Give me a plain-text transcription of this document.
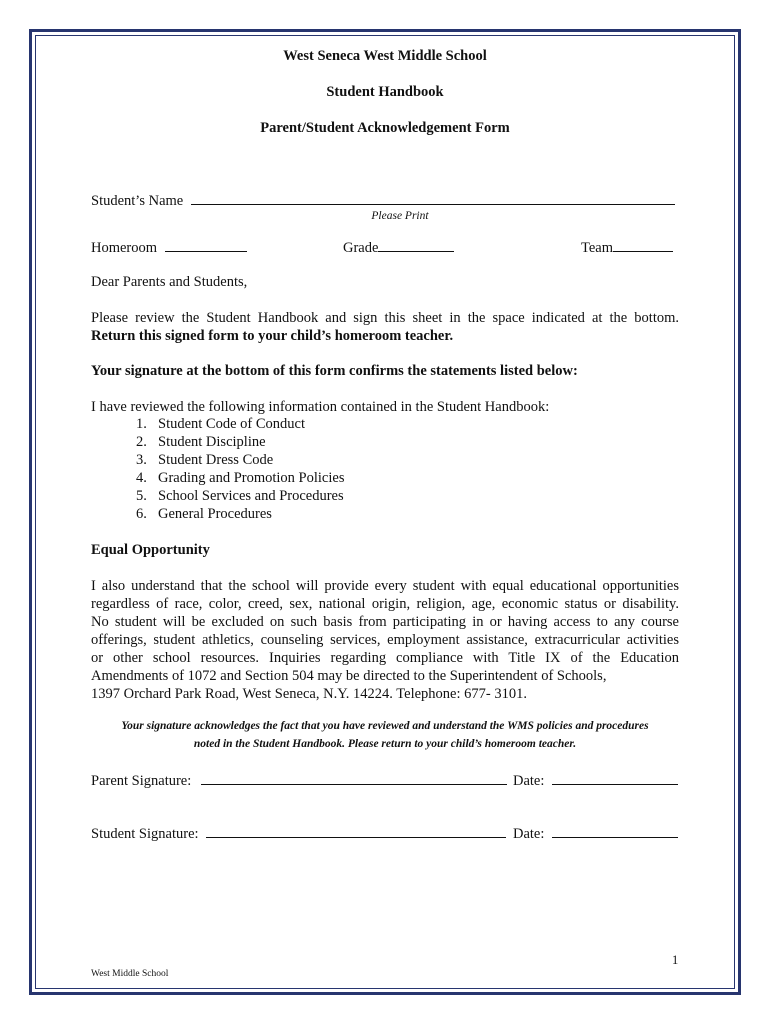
West Seneca West Middle School
Student Handbook
Parent/Student Acknowledgement Form
Student’s Name
Please Print
Homeroom	Grade	Team
Dear Parents and Students,
Please review the Student Handbook and sign this sheet in the space indicated at the bottom.
Return this signed form to your child’s homeroom teacher.
Your signature at the bottom of this form confirms the statements listed below:
I have reviewed the following information contained in the Student Handbook:
1. Student Code of Conduct
2. Student Discipline
3. Student Dress Code
4. Grading and Promotion Policies
5. School Services and Procedures
6. General Procedures
Equal Opportunity
I also understand that the school will provide every student with equal educational opportunities
regardless of race, color, creed, sex, national origin, religion, age, economic status or disability.
No student will be excluded on such basis from participating in or having access to any course
offerings, student athletics, counseling services, employment assistance, extracurricular activities
or other school resources. Inquiries regarding compliance with Title IX of the Education
Amendments of 1072 and Section 504 may be directed to the Superintendent of Schools,
1397 Orchard Park Road, West Seneca, N.Y. 14224. Telephone: 677- 3101.
Your signature acknowledges the fact that you have reviewed and understand the WMS policies and procedures
noted in the Student Handbook. Please return to your child’s homeroom teacher.
Parent Signature:	Date:
Student Signature:	Date:
1
West Middle School
